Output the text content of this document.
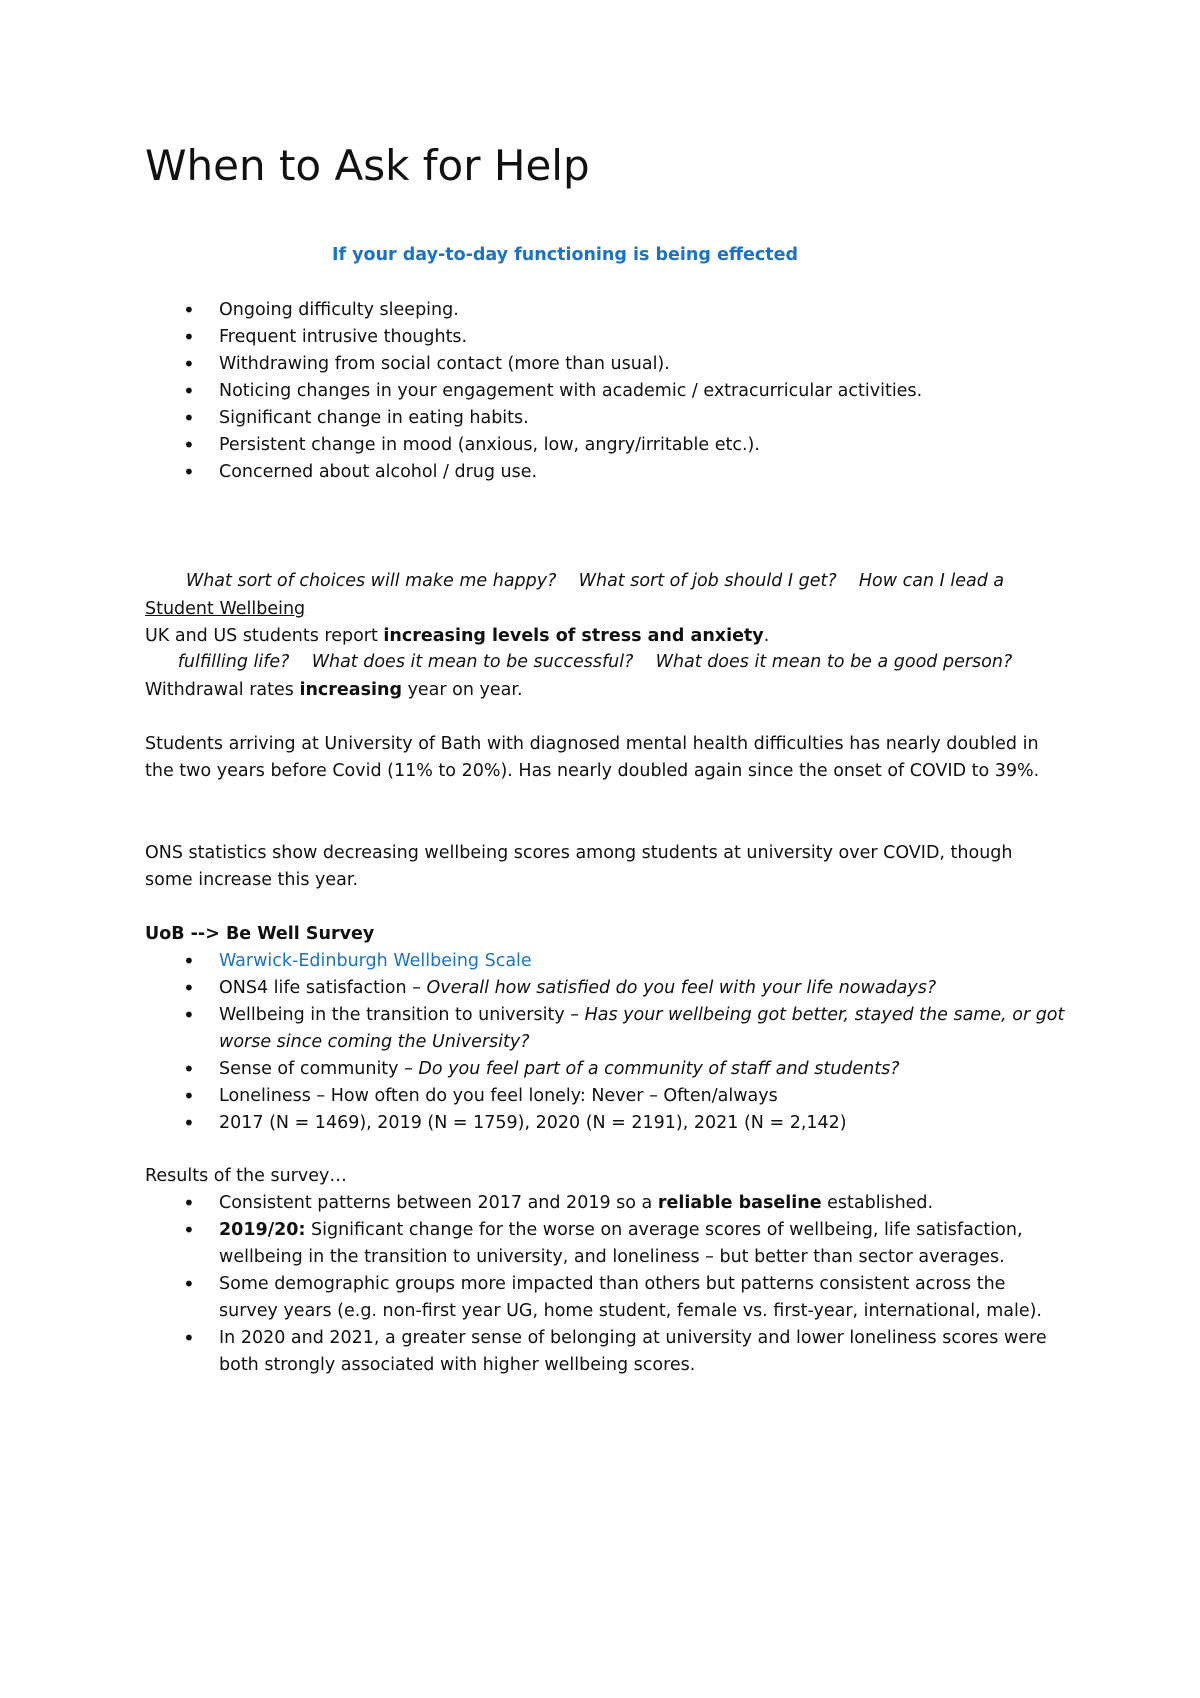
When to Ask for Help
If your day-to-day functioning is being effected
• Ongoing difficulty sleeping.
• Frequent intrusive thoughts.
• Withdrawing from social contact (more than usual).
• Noticing changes in your engagement with academic / extracurricular activities.
• Significant change in eating habits.
• Persistent change in mood (anxious, low, angry/irritable etc.).
• Concerned about alcohol / drug use.

What sort of choices will make me happy?    What sort of job should I get?    How can I lead a

fulfilling life?    What does it mean to be successful?    What does it mean to be a good person?

Student Wellbeing
UK and US students report increasing levels of stress and anxiety.
Withdrawal rates increasing year on year.
Students arriving at University of Bath with diagnosed mental health difficulties has nearly doubled in the two years before Covid (11% to 20%). Has nearly doubled again since the onset of COVID to 39%.
ONS statistics show decreasing wellbeing scores among students at university over COVID, though some increase this year.
UoB --> Be Well Survey
• Warwick-Edinburgh Wellbeing Scale
• ONS4 life satisfaction – Overall how satisfied do you feel with your life nowadays?
• Wellbeing in the transition to university – Has your wellbeing got better, stayed the same, or got worse since coming the University?
• Sense of community – Do you feel part of a community of staff and students?
• Loneliness – How often do you feel lonely: Never – Often/always
• 2017 (N = 1469), 2019 (N = 1759), 2020 (N = 2191), 2021 (N = 2,142)
Results of the survey…
• Consistent patterns between 2017 and 2019 so a reliable baseline established.
• 2019/20: Significant change for the worse on average scores of wellbeing, life satisfaction, wellbeing in the transition to university, and loneliness – but better than sector averages.
• Some demographic groups more impacted than others but patterns consistent across the survey years (e.g. non-first year UG, home student, female vs. first-year, international, male).
• In 2020 and 2021, a greater sense of belonging at university and lower loneliness scores were both strongly associated with higher wellbeing scores.
